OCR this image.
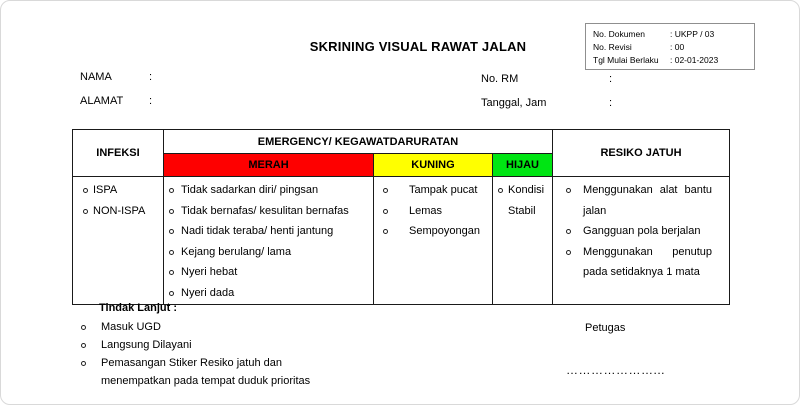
No. Dokumen	: UKPP / 03
No. Revisi	: 00
Tgl Mulai Berlaku	: 02-01-2023
SKRINING VISUAL RAWAT JALAN
NAMA	:
ALAMAT	:
No. RM	:
Tanggal, Jam	:
INFEKSI	EMERGENCY/ KEGAWATDARURATAN			RESIKO JATUH
	MERAH	KUNING	HIJAU	

ISPA
NON-ISPA

Tidak sadarkan diri/ pingsan
Tidak bernafas/ kesulitan bernafas
Nadi tidak teraba/ henti jantung
Kejang berulang/ lama
Nyeri hebat
Nyeri dada

Tampak pucat
Lemas
Sempoyongan

Kondisi Stabil

Menggunakan alat bantu jalan
Gangguan pola berjalan
Menggunakan penutup pada setidaknya 1 mata
Tindak Lanjut :
Masuk UGD
Langsung Dilayani
Pemasangan Stiker Resiko jatuh dan
menempatkan pada tempat duduk prioritas
Petugas
…………………...
